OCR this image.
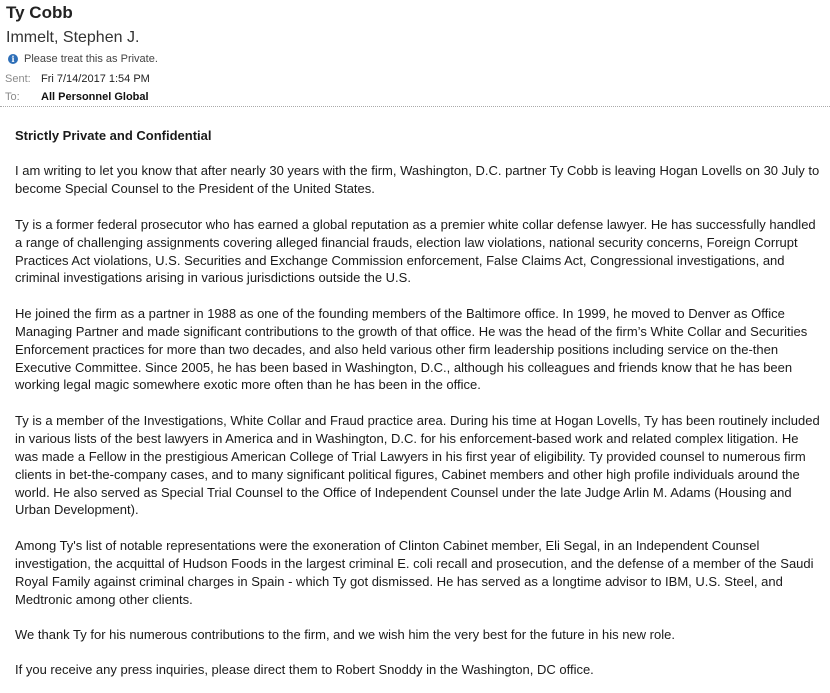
Ty Cobb
Immelt, Stephen J.
i Please treat this as Private.
Sent: Fri 7/14/2017 1:54 PM
To:	All Personnel Global

Strictly Private and Confidential

I am writing to let you know that after nearly 30 years with the firm, Washington, D.C. partner Ty Cobb is leaving Hogan Lovells on 30 July to become Special Counsel to the President of the United States.

Ty is a former federal prosecutor who has earned a global reputation as a premier white collar defense lawyer. He has successfully handled a range of challenging assignments covering alleged financial frauds, election law violations, national security concerns, Foreign Corrupt Practices Act violations, U.S. Securities and Exchange Commission enforcement, False Claims Act, Congressional investigations, and criminal investigations arising in various jurisdictions outside the U.S.

He joined the firm as a partner in 1988 as one of the founding members of the Baltimore office. In 1999, he moved to Denver as Office Managing Partner and made significant contributions to the growth of that office. He was the head of the firm’s White Collar and Securities Enforcement practices for more than two decades, and also held various other firm leadership positions including service on the-then Executive Committee. Since 2005, he has been based in Washington, D.C., although his colleagues and friends know that he has been working legal magic somewhere exotic more often than he has been in the office.

Ty is a member of the Investigations, White Collar and Fraud practice area. During his time at Hogan Lovells, Ty has been routinely included in various lists of the best lawyers in America and in Washington, D.C. for his enforcement-based work and related complex litigation. He was made a Fellow in the prestigious American College of Trial Lawyers in his first year of eligibility. Ty provided counsel to numerous firm clients in bet-the-company cases, and to many significant political figures, Cabinet members and other high profile individuals around the world. He also served as Special Trial Counsel to the Office of Independent Counsel under the late Judge Arlin M. Adams (Housing and Urban Development).

Among Ty's list of notable representations were the exoneration of Clinton Cabinet member, Eli Segal, in an Independent Counsel investigation, the acquittal of Hudson Foods in the largest criminal E. coli recall and prosecution, and the defense of a member of the Saudi Royal Family against criminal charges in Spain - which Ty got dismissed. He has served as a longtime advisor to IBM, U.S. Steel, and Medtronic among other clients.

We thank Ty for his numerous contributions to the firm, and we wish him the very best for the future in his new role.

If you receive any press inquiries, please direct them to Robert Snoddy in the Washington, DC office.
